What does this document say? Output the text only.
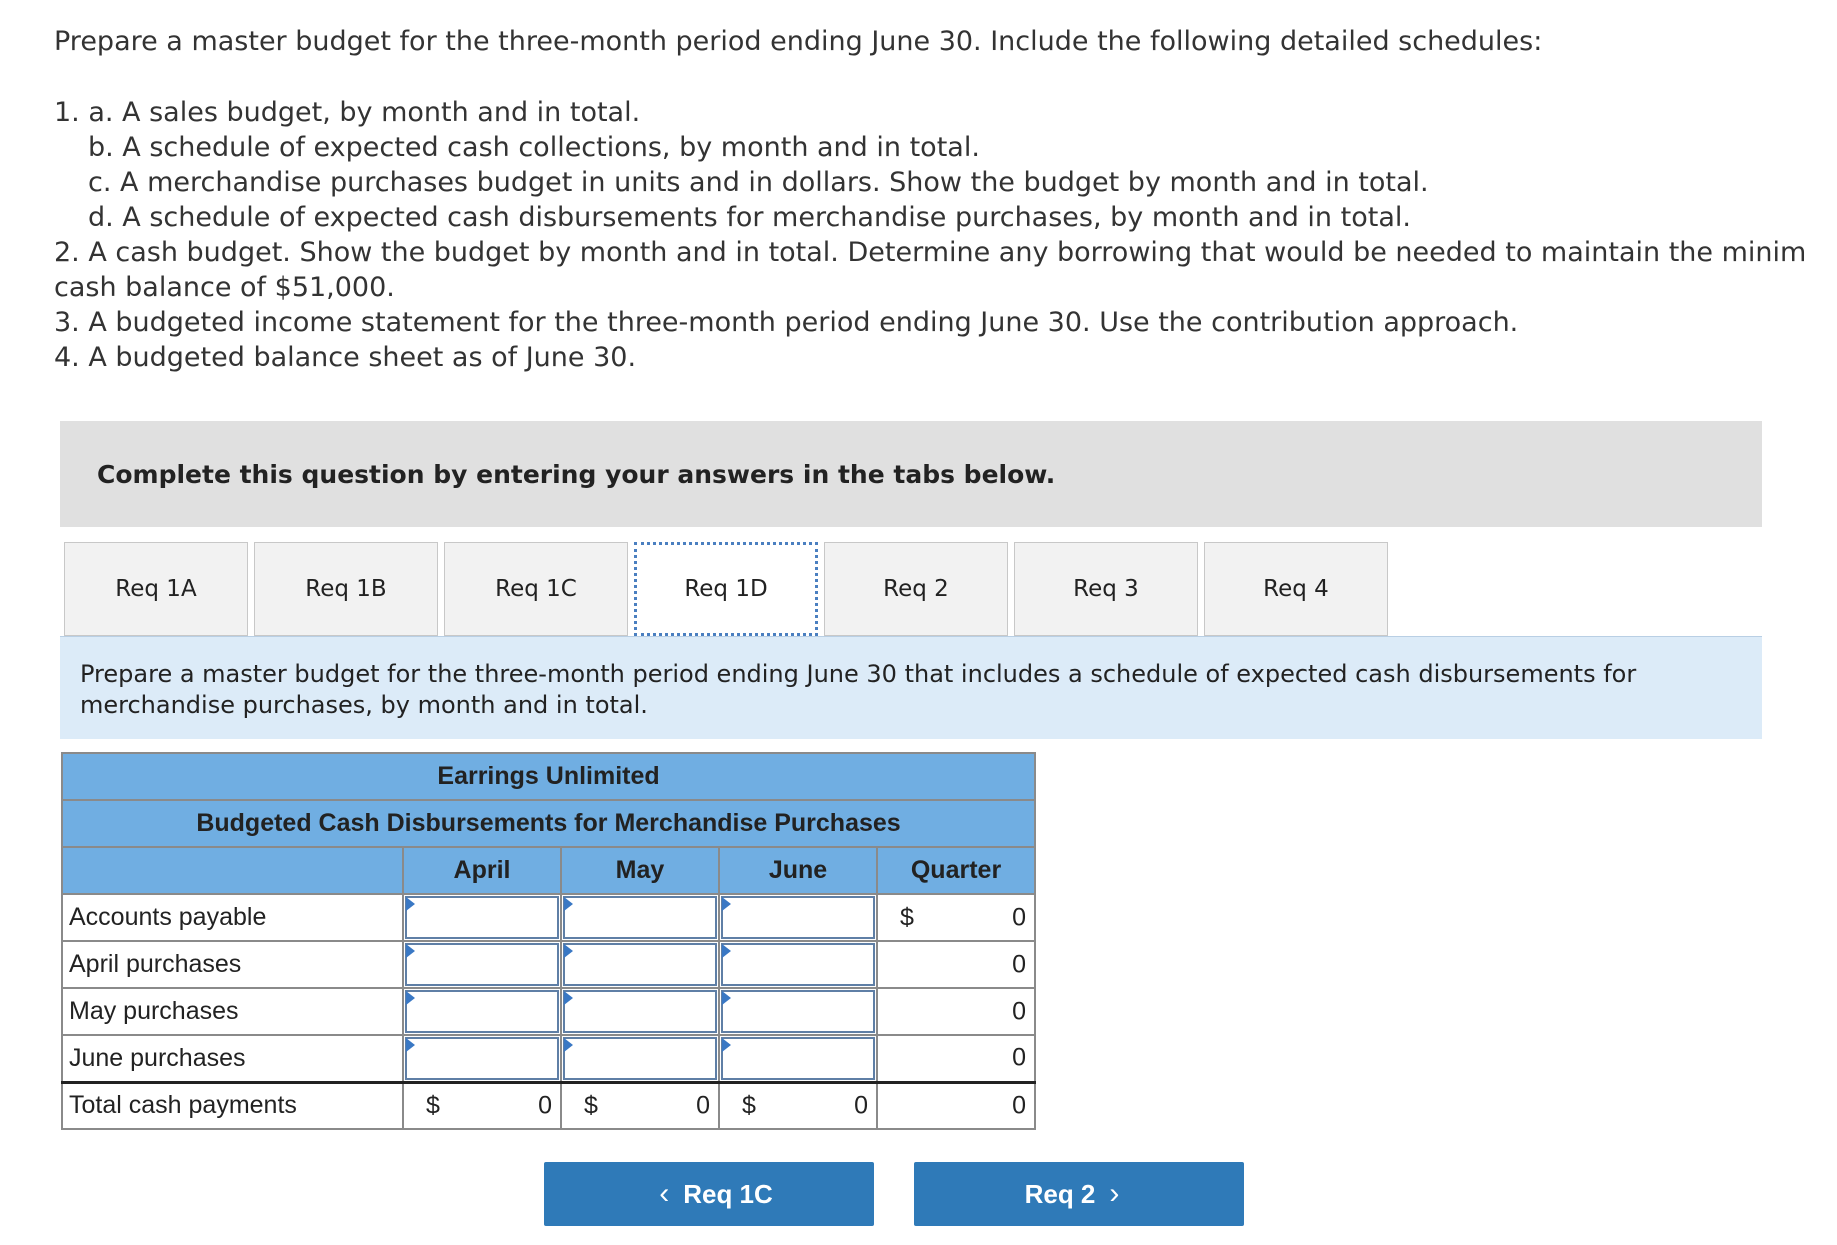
Prepare a master budget for the three-month period ending June 30. Include the following detailed schedules:

1. a. A sales budget, by month and in total.

b. A schedule of expected cash collections, by month and in total.

c. A merchandise purchases budget in units and in dollars. Show the budget by month and in total.

d. A schedule of expected cash disbursements for merchandise purchases, by month and in total.

2. A cash budget. Show the budget by month and in total. Determine any borrowing that would be needed to maintain the minim

cash balance of $51,000.

3. A budgeted income statement for the three-month period ending June 30. Use the contribution approach.

4. A budgeted balance sheet as of June 30.

Complete this question by entering your answers in the tabs below.
Req 1A	Req 1B	Req 1C	Req 1D	Req 2	Req 3	Req 4
Prepare a master budget for the three-month period ending June 30 that includes a schedule of expected cash disbursements for merchandise purchases, by month and in total.
Earrings Unlimited				
Budgeted Cash Disbursements for Merchandise Purchases				
	April	May	June	Quarter
Accounts payable				$ 0

April purchases				0

May purchases				0

June purchases				0

Total cash payments	$ 0	$ 0	$ 0	0
‹ Req 1C	Req 2 ›
